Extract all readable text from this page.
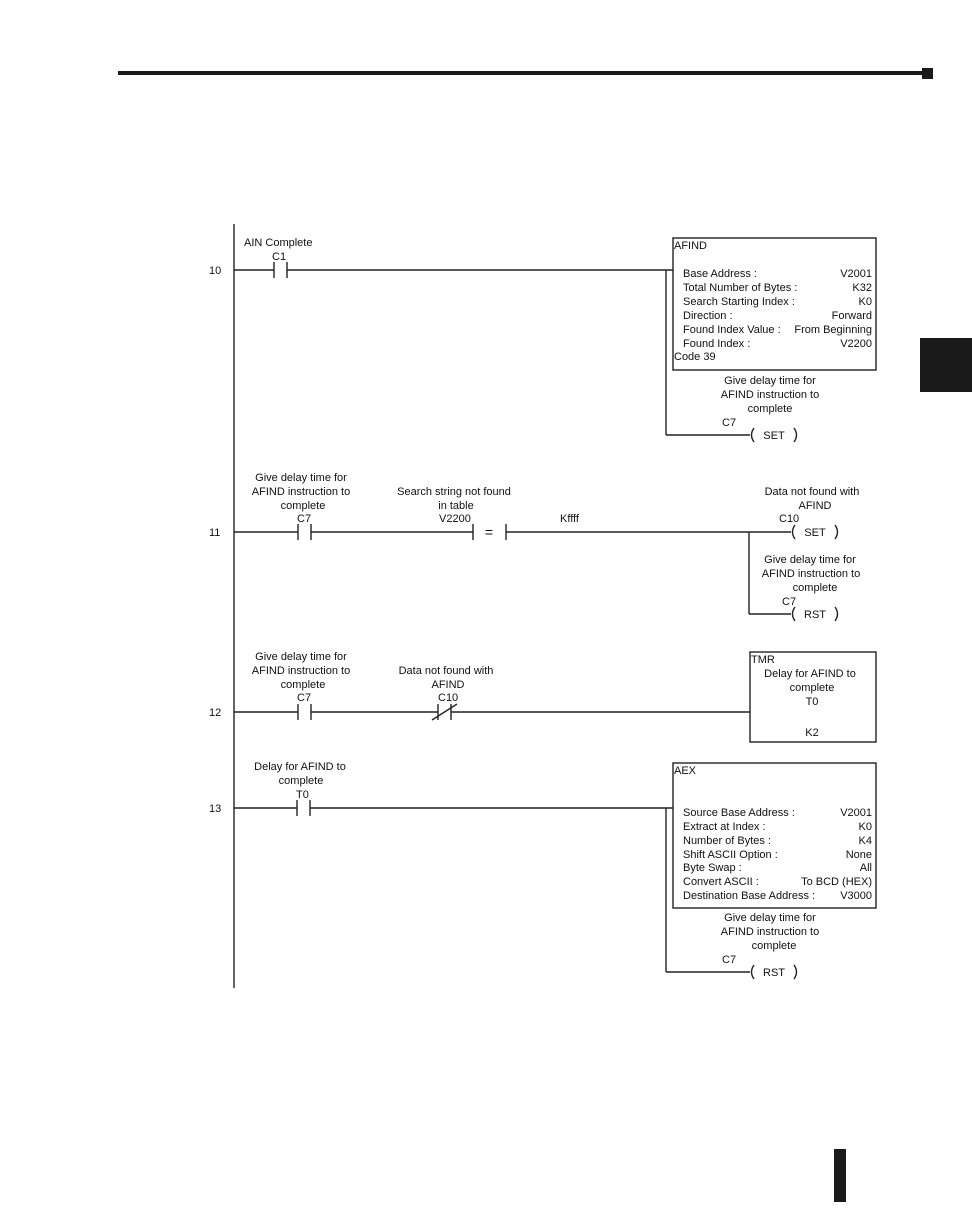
10
AIN Complete
C1
AFIND
Base Address :	V2001
Total Number of Bytes :	K32
Search Starting Index :	K0
Direction :	Forward
Found Index Value : From Beginning
Found Index :	V2200
Code 39
Give delay time for
AFIND instruction to
complete
C7
SET
11
Give delay time for
AFIND instruction to
complete
C7
Search string not found
in table
V2200
=
Kffff
Data not found with
AFIND
C10
SET
Give delay time for
AFIND instruction to
complete
C7
RST
12
Give delay time for
AFIND instruction to
complete
C7
Data not found with
AFIND
C10
TMR
Delay for AFIND to
complete
T0
K2
13
Delay for AFIND to
complete
T0
AEX
Source Base Address :	V2001
Extract at Index :	K0
Number of Bytes :	K4
Shift ASCII Option :	None
Byte Swap :	All
Convert ASCII :	To BCD (HEX)
Destination Base Address : V3000
Give delay time for
AFIND instruction to
complete
C7
RST
